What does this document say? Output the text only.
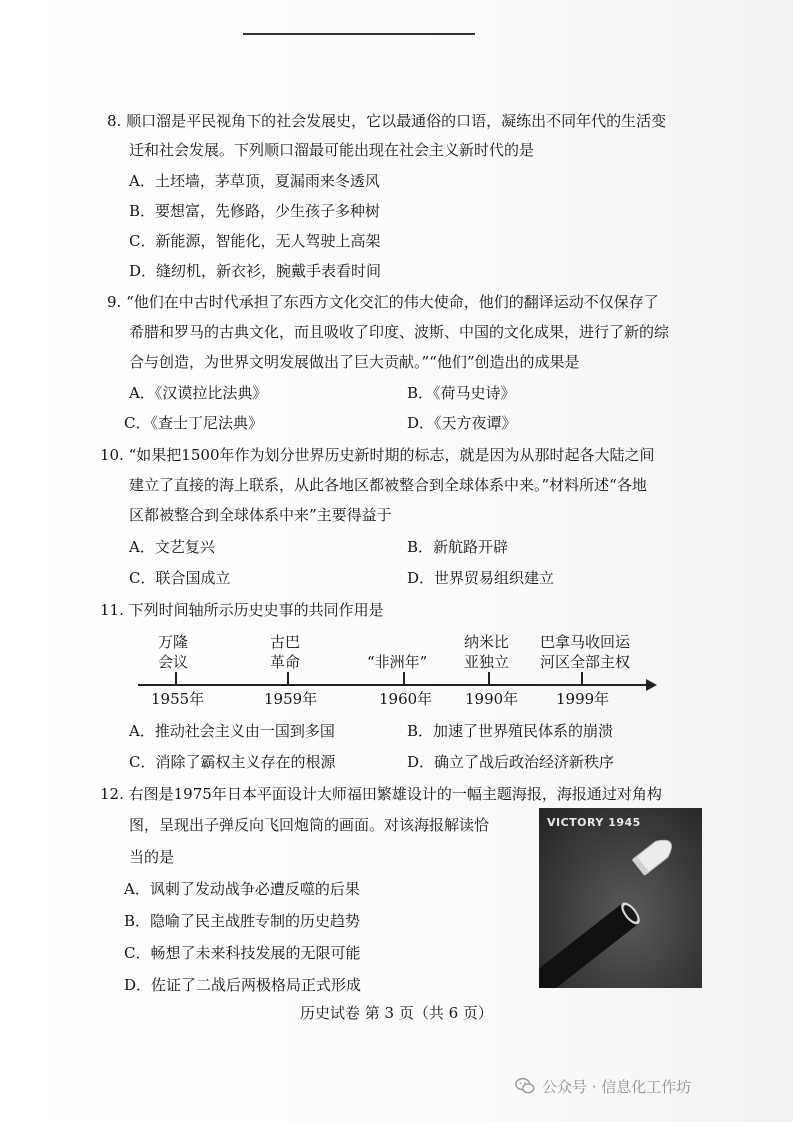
8. 顺口溜是平民视角下的社会发展史，它以最通俗的口语，凝练出不同年代的生活变
迁和社会发展。下列顺口溜最可能出现在社会主义新时代的是
A．土坯墙，茅草顶，夏漏雨来冬透风
B．要想富，先修路，少生孩子多种树
C．新能源，智能化，无人驾驶上高架
D．缝纫机，新衣衫，腕戴手表看时间
9. “他们在中古时代承担了东西方文化交汇的伟大使命，他们的翻译运动不仅保存了
希腊和罗马的古典文化，而且吸收了印度、波斯、中国的文化成果，进行了新的综
合与创造，为世界文明发展做出了巨大贡献。”“他们”创造出的成果是
A．《汉谟拉比法典》	B．《荷马史诗》
C．《查士丁尼法典》	D．《天方夜谭》
10. “如果把1500年作为划分世界历史新时期的标志，就是因为从那时起各大陆之间
建立了直接的海上联系，从此各地区都被整合到全球体系中来。”材料所述“各地
区都被整合到全球体系中来”主要得益于
A．文艺复兴	B．新航路开辟
C．联合国成立	D．世界贸易组织建立
11. 下列时间轴所示历史史事的共同作用是
万隆
会议
古巴
革命
	“非洲年”
纳米比
亚独立
巴拿马收回运
河区全部主权
1955年	1959年	1960年 1990年	1999年
A．推动社会主义由一国到多国	B．加速了世界殖民体系的崩溃
C．消除了霸权主义存在的根源	D．确立了战后政治经济新秩序
12. 右图是1975年日本平面设计大师福田繁雄设计的一幅主题海报，海报通过对角构
图，呈现出子弹反向飞回炮筒的画面。对该海报解读恰
当的是
A．讽刺了发动战争必遭反噬的后果
B．隐喻了民主战胜专制的历史趋势
C．畅想了未来科技发展的无限可能
D．佐证了二战后两极格局正式形成
VICTORY 1945
历史试卷 第 3 页（共 6 页）
公众号 · 信息化工作坊
